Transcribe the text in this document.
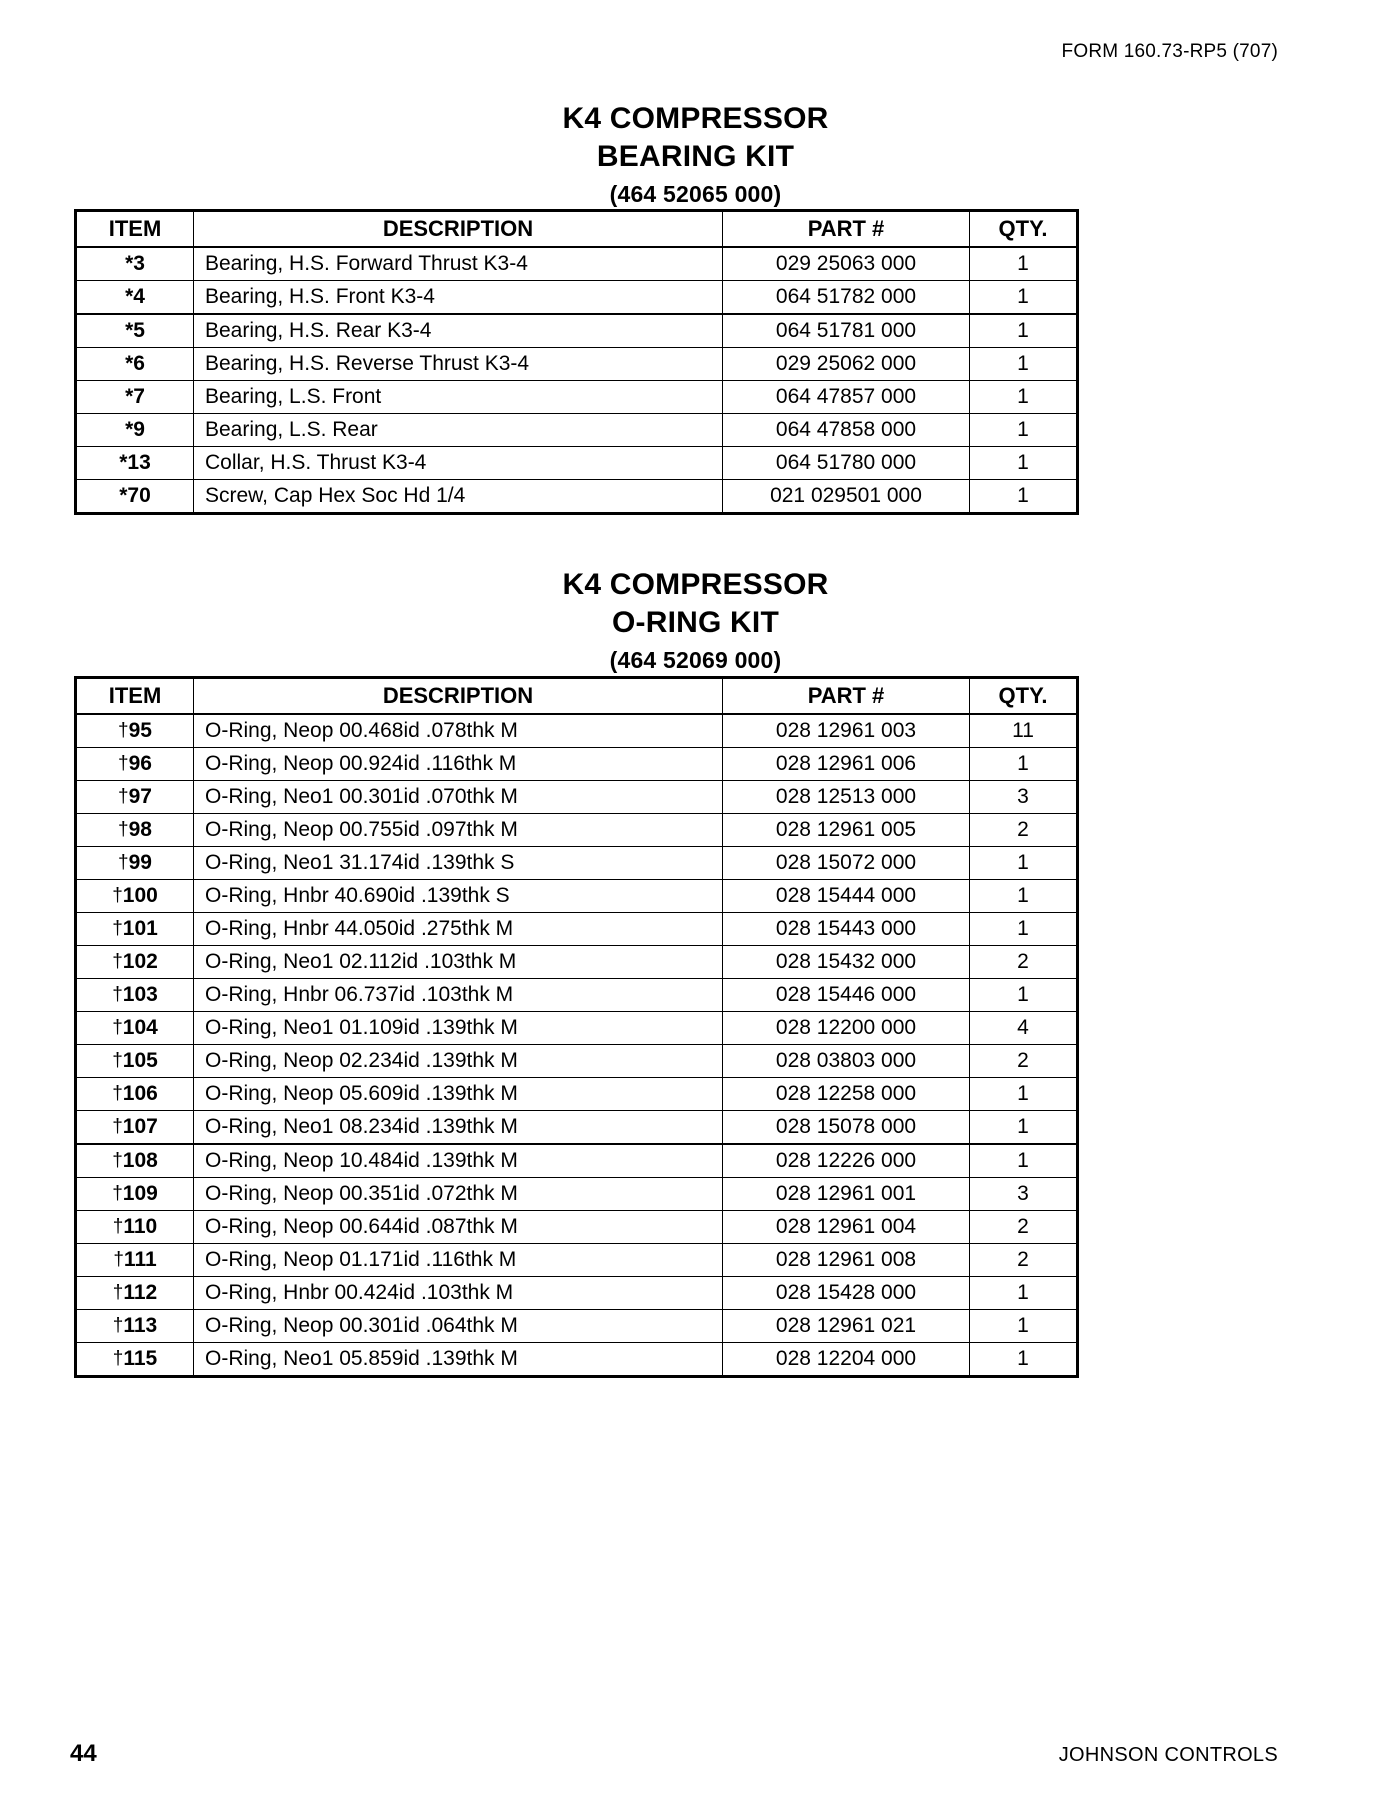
FORM 160.73-RP5 (707)
K4 COMPRESSOR
BEARING KIT
(464 52065 000)
ITEM	DESCRIPTION	PART #	QTY.
*3	Bearing, H.S. Forward Thrust K3-4	029 25063 000	1
*4	Bearing, H.S. Front K3-4	064 51782 000	1
*5	Bearing, H.S. Rear K3-4	064 51781 000	1
*6	Bearing, H.S. Reverse Thrust K3-4	029 25062 000	1
*7	Bearing, L.S. Front	064 47857 000	1
*9	Bearing, L.S. Rear	064 47858 000	1
*13	Collar, H.S. Thrust K3-4	064 51780 000	1
*70	Screw, Cap Hex Soc Hd 1/4	021 029501 000	1
K4 COMPRESSOR
O-RING KIT
(464 52069 000)
ITEM	DESCRIPTION	PART #	QTY.
†95	O-Ring, Neop 00.468id .078thk M	028 12961 003	11
†96	O-Ring, Neop 00.924id .116thk M	028 12961 006	1
†97	O-Ring, Neo1 00.301id .070thk M	028 12513 000	3
†98	O-Ring, Neop 00.755id .097thk M	028 12961 005	2
†99	O-Ring, Neo1 31.174id .139thk S	028 15072 000	1
†100	O-Ring, Hnbr 40.690id .139thk S	028 15444 000	1
†101	O-Ring, Hnbr 44.050id .275thk M	028 15443 000	1
†102	O-Ring, Neo1 02.112id .103thk M	028 15432 000	2
†103	O-Ring, Hnbr 06.737id .103thk M	028 15446 000	1
†104	O-Ring, Neo1 01.109id .139thk M	028 12200 000	4
†105	O-Ring, Neop 02.234id .139thk M	028 03803 000	2
†106	O-Ring, Neop 05.609id .139thk M	028 12258 000	1
†107	O-Ring, Neo1 08.234id .139thk M	028 15078 000	1
†108	O-Ring, Neop 10.484id .139thk M	028 12226 000	1
†109	O-Ring, Neop 00.351id .072thk M	028 12961 001	3
†110	O-Ring, Neop 00.644id .087thk M	028 12961 004	2
†111	O-Ring, Neop 01.171id .116thk M	028 12961 008	2
†112	O-Ring, Hnbr 00.424id .103thk M	028 15428 000	1
†113	O-Ring, Neop 00.301id .064thk M	028 12961 021	1
†115	O-Ring, Neo1 05.859id .139thk M	028 12204 000	1
44	JOHNSON CONTROLS
